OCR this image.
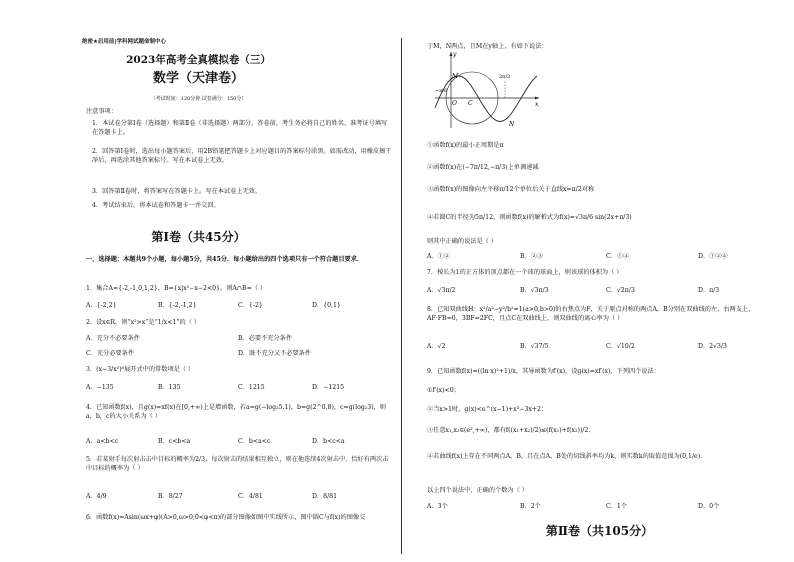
绝密★启用前|学科网试题命制中心
2023年高考全真模拟卷（三）
数学（天津卷）
（考试时间：120分钟 试卷满分：150分）
注意事项：
1．本试卷分第Ⅰ卷（选择题）和第Ⅱ卷（非选择题）两部分。答卷前，考生务必将自己的姓名、准考证号填写在答题卡上。
2．回答第Ⅰ卷时，选出每小题答案后，用2B铅笔把答题卡上对应题目的答案标号涂黑。如需改动，用橡皮擦干净后，再选涂其他答案标号。写在本试卷上无效。
3．回答第Ⅱ卷时，将答案写在答题卡上。写在本试卷上无效。
4．考试结束后，将本试卷和答题卡一并交回。
第Ⅰ卷（共45分）
一、选择题：本题共9个小题，每小题5分，共45分．每小题给出的四个选项只有一个符合题目要求．
1．集合A={-2,-1,0,1,2}，B={x|x²−x−2<0}，则A∩B=（ ）
A．{-2,2}	B．{-2,-1,2}	C．{-2}	D．{0,1}
2．设x∈R，则“x²>x”是“1/x<1”的（ ）
A．充分不必要条件	B．必要不充分条件
C．充分必要条件	D．既不充分又不必要条件
3．(x−3/x²)⁶展开式中的常数项是（ ）
A．−135	B．135	C．1215	D．−1215
4．已知函数f(x)，且g(x)=xf(x)在[0,+∞)上是增函数，若a=g(−log₂5.1)，b=g(2^0.8)，c=g(log₂3)，则a，b，c的大小关系为（ ）
A．a<b<c	B．c<b<a	C．b<a<c	D．b<c<a
5．若某射手每次射击击中目标的概率为2/3，每次射击的结果相互独立，则在他连续4次射击中，恰好有两次击中目标的概率为（ ）
A．4/9	B．8/27	C．4/81	D．8/81
6．函数f(x)=Asin(ωx+φ)(A>0,ω>0,0<φ<π)的部分图像如图中实线所示，图中圆C与f(x)的图像交
于M，N两点，且M在y轴上，有如下说法：
y
M
−π/6
O C
2π/3
N
x
①函数f(x)的最小正周期是π
②函数f(x)在(−7π/12,−π/3)上单调递减
③函数f(x)的图像向左平移π/12个单位后关于直线x=π/2对称
④若圆C的半径为5π/12，则函数f(x)的解析式为f(x)=√3π/6 sin(2x+π/3)
则其中正确的说法是（ ）
A．①②	B．②③	C．①④	D．①②④
7．棱长为1的正方体的顶点都在一个球的球面上，则该球的体积为（ ）
A．√3π/2	B．√3π/3	C．√2π/3	D．π/3
8．已知双曲线H：x²/a²−y²/b²=1(a>0,b>0)的右焦点为F，关于原点对称的两点A，B分别在双曲线的左、右两支上，AF·FB=0，3BF=2FC，且点C在双曲线上，则双曲线的离心率为（ ）
A．√2	B．√37/5	C．√10/2	D．2√3/3
9．已知函数f(x)=((ln x)²+1)/x，其导函数为f′(x)，设g(x)=xf′(x)，下列四个说法：
①f′(x)<0；
②当x>1时，g(x)<e^(x−1)+x³−3x+2；
③任意x₁,x₂∈(e²,+∞)，都有f((x₁+x₂)/2)≤(f(x₁)+f(x₂))/2；
④若曲线f(x)上存在不同两点A，B，且在点A，B处的切线斜率均为k，则实数k的取值范围为(0,1/e)．
以上四个说法中，正确的个数为（ ）
A．3个	B．2个	C．1个	D．0个
第Ⅱ卷（共105分）
